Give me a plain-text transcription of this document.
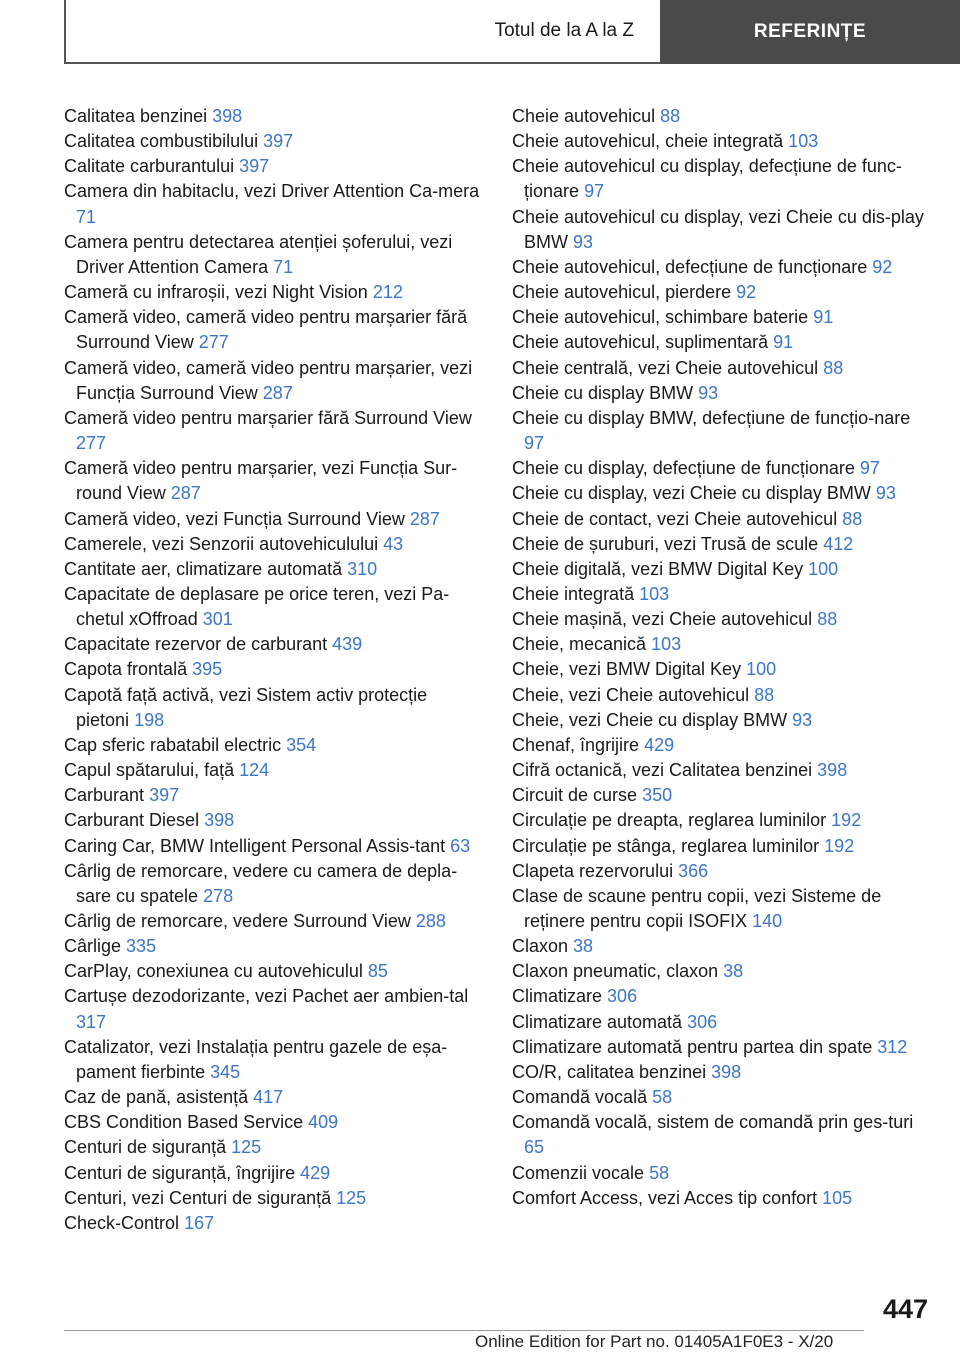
Totul de la A la Z	REFERINȚE
Calitatea benzinei 398
Calitatea combustibilului 397
Calitate carburantului 397
Camera din habitaclu, vezi Driver Attention Ca-mera 71
Camera pentru detectarea atenției șoferului, vezi Driver Attention Camera 71
Cameră cu infraroșii, vezi Night Vision 212
Cameră video, cameră video pentru marșarier fără Surround View 277
Cameră video, cameră video pentru marșarier, vezi Funcția Surround View 287
Cameră video pentru marșarier fără Surround View 277
Cameră video pentru marșarier, vezi Funcția Sur-round View 287
Cameră video, vezi Funcția Surround View 287
Camerele, vezi Senzorii autovehiculului 43
Cantitate aer, climatizare automată 310
Capacitate de deplasare pe orice teren, vezi Pa-chetul xOffroad 301
Capacitate rezervor de carburant 439
Capota frontală 395
Capotă față activă, vezi Sistem activ protecție pietoni 198
Cap sferic rabatabil electric 354
Capul spătarului, față 124
Carburant 397
Carburant Diesel 398
Caring Car, BMW Intelligent Personal Assis-tant 63
Cârlig de remorcare, vedere cu camera de depla-sare cu spatele 278
Cârlig de remorcare, vedere Surround View 288
Cârlige 335
CarPlay, conexiunea cu autovehiculul 85
Cartușe dezodorizante, vezi Pachet aer ambien-tal 317
Catalizator, vezi Instalația pentru gazele de eșa-pament fierbinte 345
Caz de pană, asistență 417
CBS Condition Based Service 409
Centuri de siguranță 125
Centuri de siguranță, îngrijire 429
Centuri, vezi Centuri de siguranță 125
Check-Control 167
Cheie autovehicul 88
Cheie autovehicul, cheie integrată 103
Cheie autovehicul cu display, defecțiune de func-ționare 97
Cheie autovehicul cu display, vezi Cheie cu dis-play BMW 93
Cheie autovehicul, defecțiune de funcționare 92
Cheie autovehicul, pierdere 92
Cheie autovehicul, schimbare baterie 91
Cheie autovehicul, suplimentară 91
Cheie centrală, vezi Cheie autovehicul 88
Cheie cu display BMW 93
Cheie cu display BMW, defecțiune de funcțio-nare 97
Cheie cu display, defecțiune de funcționare 97
Cheie cu display, vezi Cheie cu display BMW 93
Cheie de contact, vezi Cheie autovehicul 88
Cheie de șuruburi, vezi Trusă de scule 412
Cheie digitală, vezi BMW Digital Key 100
Cheie integrată 103
Cheie mașină, vezi Cheie autovehicul 88
Cheie, mecanică 103
Cheie, vezi BMW Digital Key 100
Cheie, vezi Cheie autovehicul 88
Cheie, vezi Cheie cu display BMW 93
Chenaf, îngrijire 429
Cifră octanică, vezi Calitatea benzinei 398
Circuit de curse 350
Circulație pe dreapta, reglarea luminilor 192
Circulație pe stânga, reglarea luminilor 192
Clapeta rezervorului 366
Clase de scaune pentru copii, vezi Sisteme de reținere pentru copii ISOFIX 140
Claxon 38
Claxon pneumatic, claxon 38
Climatizare 306
Climatizare automată 306
Climatizare automată pentru partea din spate 312
CO/R, calitatea benzinei 398
Comandă vocală 58
Comandă vocală, sistem de comandă prin ges-turi 65
Comenzii vocale 58
Comfort Access, vezi Acces tip confort 105
447
Online Edition for Part no. 01405A1F0E3 - X/20
